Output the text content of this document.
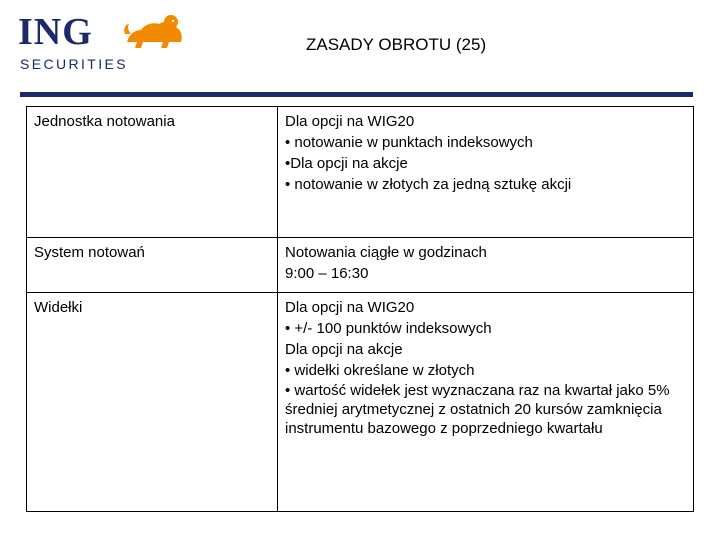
ING
SECURITIES
ZASADY OBROTU (25)
Jednostka notowania	Dla opcji na WIG20
• notowanie w punktach indeksowych
•Dla opcji na akcje
• notowanie w złotych za jedną sztukę akcji

System notowań	Notowania ciągłe w godzinach
9:00 – 16:30

Widełki	Dla opcji na WIG20
• +/- 100 punktów indeksowych
Dla opcji na akcje
• widełki określane w złotych
• wartość widełek jest wyznaczana raz na kwartał jako 5% średniej arytmetycznej z ostatnich 20 kursów zamknięcia instrumentu bazowego z poprzedniego kwartału
